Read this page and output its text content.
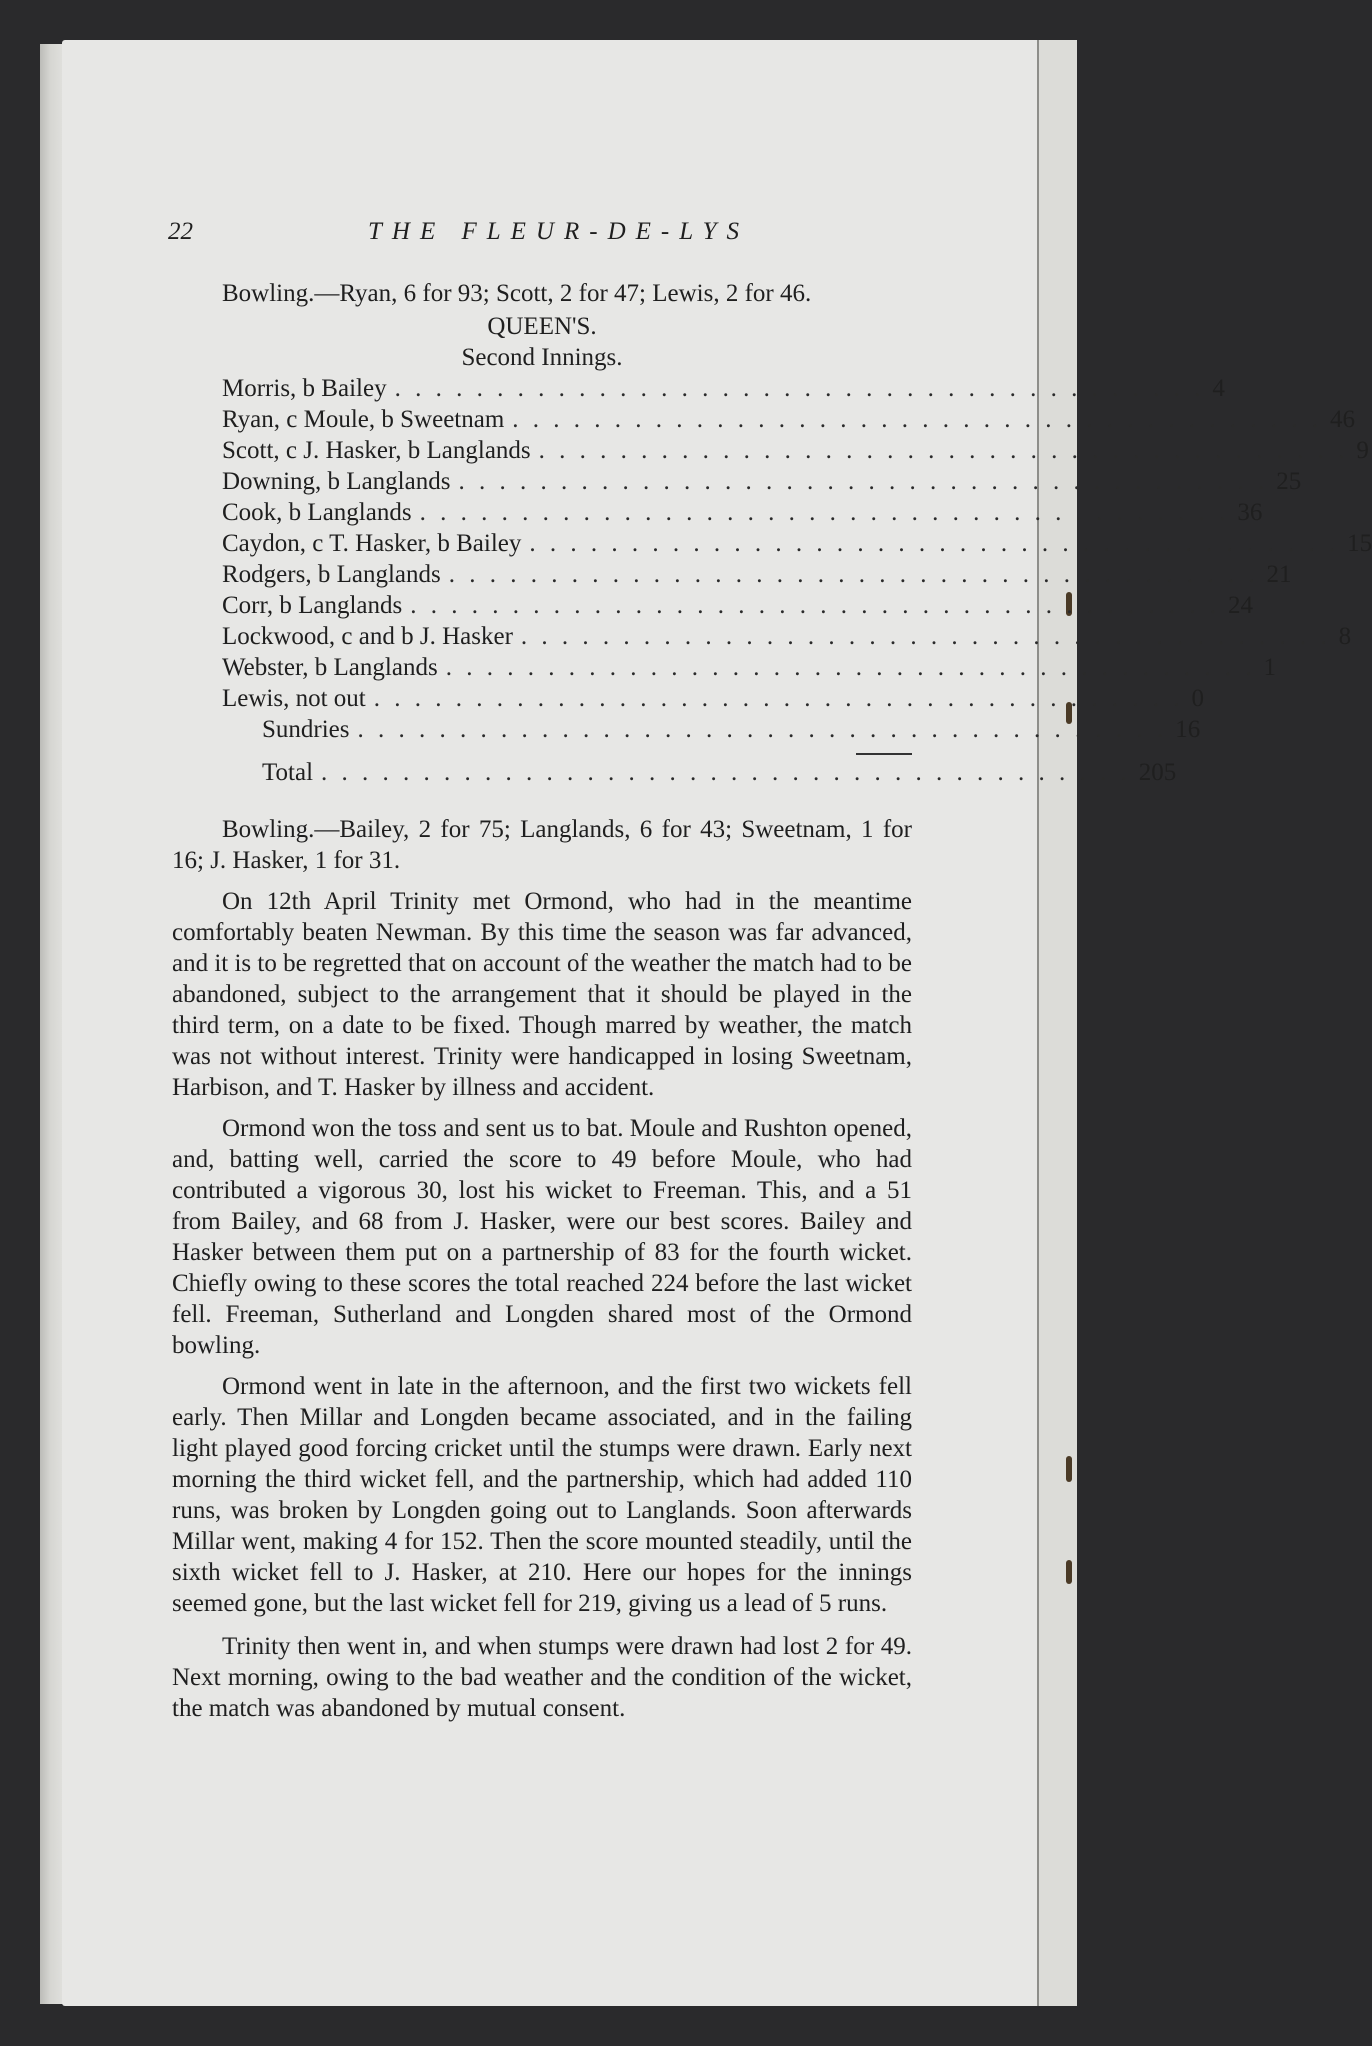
22	THE FLEUR-DE-LYS

Bowling.—Ryan, 6 for 93; Scott, 2 for 47; Lewis, 2 for 46.

QUEEN'S.
Second Innings.
Morris, b Bailey . . . . . . . . . . . . . . . . . . . . . . . . . . . . . . . . . . . . . . . . 4
Ryan, c Moule, b Sweetnam . . . . . . . . . . . . . . . . . . . . . . . . . . . . . . . . . . . . . . . . 46
Scott, c J. Hasker, b Langlands . . . . . . . . . . . . . . . . . . . . . . . . . . . . . . . . . . . . . . . . 9
Downing, b Langlands . . . . . . . . . . . . . . . . . . . . . . . . . . . . . . . . . . . . . . . . 25
Cook, b Langlands . . . . . . . . . . . . . . . . . . . . . . . . . . . . . . . . . . . . . . . . 36
Caydon, c T. Hasker, b Bailey . . . . . . . . . . . . . . . . . . . . . . . . . . . . . . . . . . . . . . . . 15
Rodgers, b Langlands . . . . . . . . . . . . . . . . . . . . . . . . . . . . . . . . . . . . . . . . 21
Corr, b Langlands . . . . . . . . . . . . . . . . . . . . . . . . . . . . . . . . . . . . . . . . 24
Lockwood, c and b J. Hasker . . . . . . . . . . . . . . . . . . . . . . . . . . . . . . . . . . . . . . . . 8
Webster, b Langlands . . . . . . . . . . . . . . . . . . . . . . . . . . . . . . . . . . . . . . . . 1
Lewis, not out . . . . . . . . . . . . . . . . . . . . . . . . . . . . . . . . . . . . . . . . 0
Sundries . . . . . . . . . . . . . . . . . . . . . . . . . . . . . . . . . . . . . . . . 16
Total . . . . . . . . . . . . . . . . . . . . . . . . . . . . . . . . . . . . . . . . 205

Bowling.—Bailey, 2 for 75; Langlands, 6 for 43; Sweetnam, 1 for 16; J. Hasker, 1 for 31.

On 12th April Trinity met Ormond, who had in the meantime comfortably beaten Newman. By this time the season was far advanced, and it is to be regretted that on account of the weather the match had to be abandoned, subject to the arrangement that it should be played in the third term, on a date to be fixed. Though marred by weather, the match was not without interest. Trinity were handicapped in losing Sweetnam, Harbison, and T. Hasker by illness and accident.

Ormond won the toss and sent us to bat. Moule and Rushton opened, and, batting well, carried the score to 49 before Moule, who had contributed a vigorous 30, lost his wicket to Freeman. This, and a 51 from Bailey, and 68 from J. Hasker, were our best scores. Bailey and Hasker between them put on a partnership of 83 for the fourth wicket. Chiefly owing to these scores the total reached 224 before the last wicket fell. Freeman, Sutherland and Longden shared most of the Ormond bowling.

Ormond went in late in the afternoon, and the first two wickets fell early. Then Millar and Longden became associated, and in the failing light played good forcing cricket until the stumps were drawn. Early next morning the third wicket fell, and the partnership, which had added 110 runs, was broken by Longden going out to Langlands. Soon afterwards Millar went, making 4 for 152. Then the score mounted steadily, until the sixth wicket fell to J. Hasker, at 210. Here our hopes for the innings seemed gone, but the last wicket fell for 219, giving us a lead of 5 runs.

Trinity then went in, and when stumps were drawn had lost 2 for 49. Next morning, owing to the bad weather and the condition of the wicket, the match was abandoned by mutual consent.
